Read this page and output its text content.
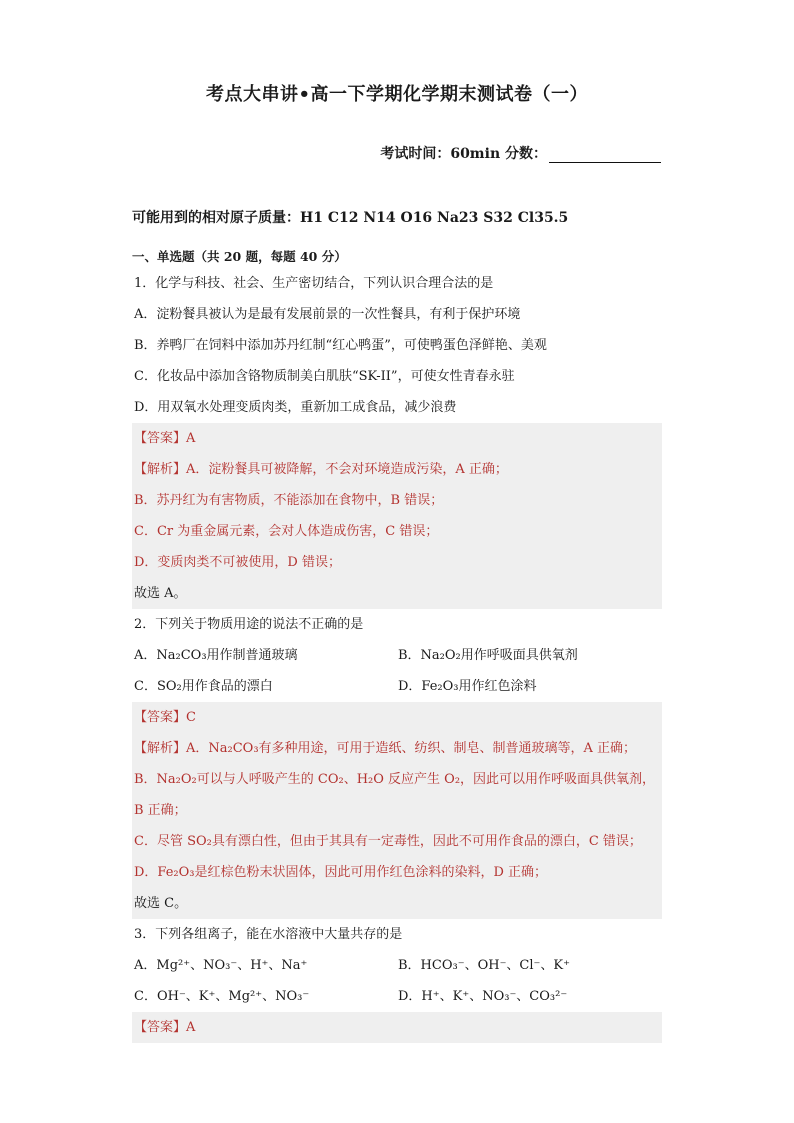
考点大串讲•高一下学期化学期末测试卷（一）
考试时间：60min 分数：
可能用到的相对原子质量：H1 C12 N14 O16 Na23 S32 Cl35.5
一、单选题（共 20 题，每题 40 分）
1．化学与科技、社会、生产密切结合，下列认识合理合法的是
A．淀粉餐具被认为是最有发展前景的一次性餐具，有利于保护环境
B．养鸭厂在饲料中添加苏丹红制“红心鸭蛋”，可使鸭蛋色泽鲜艳、美观
C．化妆品中添加含铬物质制美白肌肤“SK-II”，可使女性青春永驻
D．用双氧水处理变质肉类，重新加工成食品，减少浪费
【答案】A
【解析】A．淀粉餐具可被降解，不会对环境造成污染，A 正确；
B．苏丹红为有害物质，不能添加在食物中，B 错误；
C．Cr 为重金属元素，会对人体造成伤害，C 错误；
D．变质肉类不可被使用，D 错误；
故选 A。
2．下列关于物质用途的说法不正确的是
A．Na₂CO₃用作制普通玻璃	B．Na₂O₂用作呼吸面具供氧剂
C．SO₂用作食品的漂白	D．Fe₂O₃用作红色涂料
【答案】C
【解析】A．Na₂CO₃有多种用途，可用于造纸、纺织、制皂、制普通玻璃等，A 正确；
B．Na₂O₂可以与人呼吸产生的 CO₂、H₂O 反应产生 O₂，因此可以用作呼吸面具供氧剂，
B 正确；
C．尽管 SO₂具有漂白性，但由于其具有一定毒性，因此不可用作食品的漂白，C 错误；
D．Fe₂O₃是红棕色粉末状固体，因此可用作红色涂料的染料，D 正确；
故选 C。
3．下列各组离子，能在水溶液中大量共存的是
A．Mg²⁺、NO₃⁻、H⁺、Na⁺	B．HCO₃⁻、OH⁻、Cl⁻、K⁺
C．OH⁻、K⁺、Mg²⁺、NO₃⁻	D．H⁺、K⁺、NO₃⁻、CO₃²⁻
【答案】A
